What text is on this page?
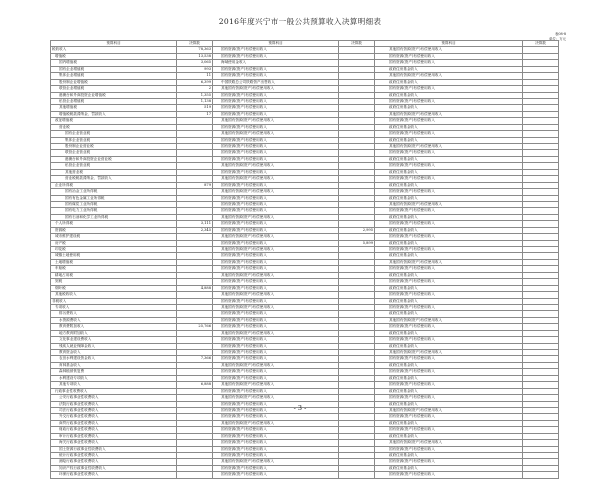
2016年度兴宁市一般公共预算收入决算明细表
表08-8
单位：万元
预算科目	决算数	预算科目	决算数	预算科目	决算数
税收收入	78,363	国有资源(资产)有偿使用收入		其他国有资源(资产)有偿使用收入	
增值税	13,538	国有资源(资产)有偿使用收入		国有资源(资产)有偿使用收入	
国内增值税	3,065	海域使用金收入		国有资源(资产)有偿使用收入	
国有企业增值税	993	国有资源(资产)有偿使用收入		政府住房基金收入	
集体企业增值税	11	国有资源(资产)有偿使用收入		其他国有资源(资产)有偿使用收入	
股份制企业增值税	6,399	中国铁路总公司铁路资产出售收入		政府住房基金收入	
联营企业增值税	2	其他国有资源(资产)有偿使用收入		国有资源(资产)有偿使用收入	
港澳台和外商投资企业增值税	1,355	国有资源(资产)有偿使用收入		政府住房基金收入	
私营企业增值税	1,138	国有资源(资产)有偿使用收入		国有资源(资产)有偿使用收入	
其他增值税	519	国有资源(资产)有偿使用收入		政府住房基金收入	
增值税税款滞纳金、罚款收入	17	国有资源(资产)有偿使用收入		其他国有资源(资产)有偿使用收入	
改征增值税		其他国有资源(资产)有偿使用收入		国有资源(资产)有偿使用收入	
营业税		国有资源(资产)有偿使用收入		政府住房基金收入	
国有企业营业税		其他国有资源(资产)有偿使用收入		国有资源(资产)有偿使用收入	
集体企业营业税		国有资源(资产)有偿使用收入		政府住房基金收入	
股份制企业营业税		国有资源(资产)有偿使用收入		其他国有资源(资产)有偿使用收入	
联营企业营业税		国有资源(资产)有偿使用收入		国有资源(资产)有偿使用收入	
港澳台和外商投资企业营业税		国有资源(资产)有偿使用收入		政府住房基金收入	
私营企业营业税		其他国有资源(资产)有偿使用收入		国有资源(资产)有偿使用收入	
其他营业税		国有资源(资产)有偿使用收入		政府住房基金收入	
营业税税款滞纳金、罚款收入		其他国有资源(资产)有偿使用收入		国有资源(资产)有偿使用收入	
企业所得税	879	国有资源(资产)有偿使用收入		政府住房基金收入	
国有冶金工业所得税		其他国有资源(资产)有偿使用收入		国有资源(资产)有偿使用收入	
国有有色金属工业所得税		国有资源(资产)有偿使用收入		政府住房基金收入	
国有煤炭工业所得税		国有资源(资产)有偿使用收入		其他国有资源(资产)有偿使用收入	
国有电力工业所得税		国有资源(资产)有偿使用收入		国有资源(资产)有偿使用收入	
国有石油和化学工业所得税		其他国有资源(资产)有偿使用收入		政府住房基金收入	
个人所得税	3,111	国有资源(资产)有偿使用收入		国有资源(资产)有偿使用收入	
资源税	2,345	国有资源(资产)有偿使用收入	2,995	政府住房基金收入	
城市维护建设税		其他国有资源(资产)有偿使用收入		国有资源(资产)有偿使用收入	
房产税		国有资源(资产)有偿使用收入	5,899	政府住房基金收入	
印花税		其他国有资源(资产)有偿使用收入		国有资源(资产)有偿使用收入	
城镇土地使用税		国有资源(资产)有偿使用收入		政府住房基金收入	
土地增值税		国有资源(资产)有偿使用收入		其他国有资源(资产)有偿使用收入	
车船税		国有资源(资产)有偿使用收入		国有资源(资产)有偿使用收入	
耕地占用税		其他国有资源(资产)有偿使用收入		政府住房基金收入	
契税		国有资源(资产)有偿使用收入		国有资源(资产)有偿使用收入	
烟叶税	4,888	国有资源(资产)有偿使用收入		政府住房基金收入	
其他税收收入		其他国有资源(资产)有偿使用收入		国有资源(资产)有偿使用收入	
非税收入		国有资源(资产)有偿使用收入		政府住房基金收入	
专项收入		其他国有资源(资产)有偿使用收入		国有资源(资产)有偿使用收入	
排污费收入		国有资源(资产)有偿使用收入		政府住房基金收入	
水资源费收入		国有资源(资产)有偿使用收入		其他国有资源(资产)有偿使用收入	
教育费附加收入	25,766	国有资源(资产)有偿使用收入		国有资源(资产)有偿使用收入	
地方教育附加收入		其他国有资源(资产)有偿使用收入		政府住房基金收入	
文化事业建设费收入		国有资源(资产)有偿使用收入		国有资源(资产)有偿使用收入	
残疾人就业保障金收入		国有资源(资产)有偿使用收入		政府住房基金收入	
教育资金收入		国有资源(资产)有偿使用收入		其他国有资源(资产)有偿使用收入	
农田水利建设资金收入	7,366	国有资源(资产)有偿使用收入		国有资源(资产)有偿使用收入	
育林基金收入		其他国有资源(资产)有偿使用收入		政府住房基金收入	
森林植被恢复费		国有资源(资产)有偿使用收入		国有资源(资产)有偿使用收入	
水利建设专项收入		国有资源(资产)有偿使用收入		政府住房基金收入	
其他专项收入	6,888	其他国有资源(资产)有偿使用收入		国有资源(资产)有偿使用收入	
行政事业性收费收入		国有资源(资产)有偿使用收入		政府住房基金收入	
公安行政事业性收费收入		其他国有资源(资产)有偿使用收入		国有资源(资产)有偿使用收入	
法院行政事业性收费收入		国有资源(资产)有偿使用收入		政府住房基金收入	
司法行政事业性收费收入		国有资源(资产)有偿使用收入		其他国有资源(资产)有偿使用收入	
外交行政事业性收费收入		国有资源(资产)有偿使用收入		国有资源(资产)有偿使用收入	
商贸行政事业性收费收入		其他国有资源(资产)有偿使用收入		政府住房基金收入	
财政行政事业性收费收入		国有资源(资产)有偿使用收入		国有资源(资产)有偿使用收入	
审计行政事业性收费收入		国有资源(资产)有偿使用收入		政府住房基金收入	
海关行政事业性收费收入		国有资源(资产)有偿使用收入		其他国有资源(资产)有偿使用收入	
国土资源行政事业性收费收入		国有资源(资产)有偿使用收入		国有资源(资产)有偿使用收入	
统计行政事业性收费收入		国有资源(资产)有偿使用收入		政府住房基金收入	
测绘行政事业性收费收入		其他国有资源(资产)有偿使用收入		国有资源(资产)有偿使用收入	
知识产权行政事业性收费收入		国有资源(资产)有偿使用收入		政府住房基金收入	
环保行政事业性收费收入		国有资源(资产)有偿使用收入		国有资源(资产)有偿使用收入	
- 3 -
